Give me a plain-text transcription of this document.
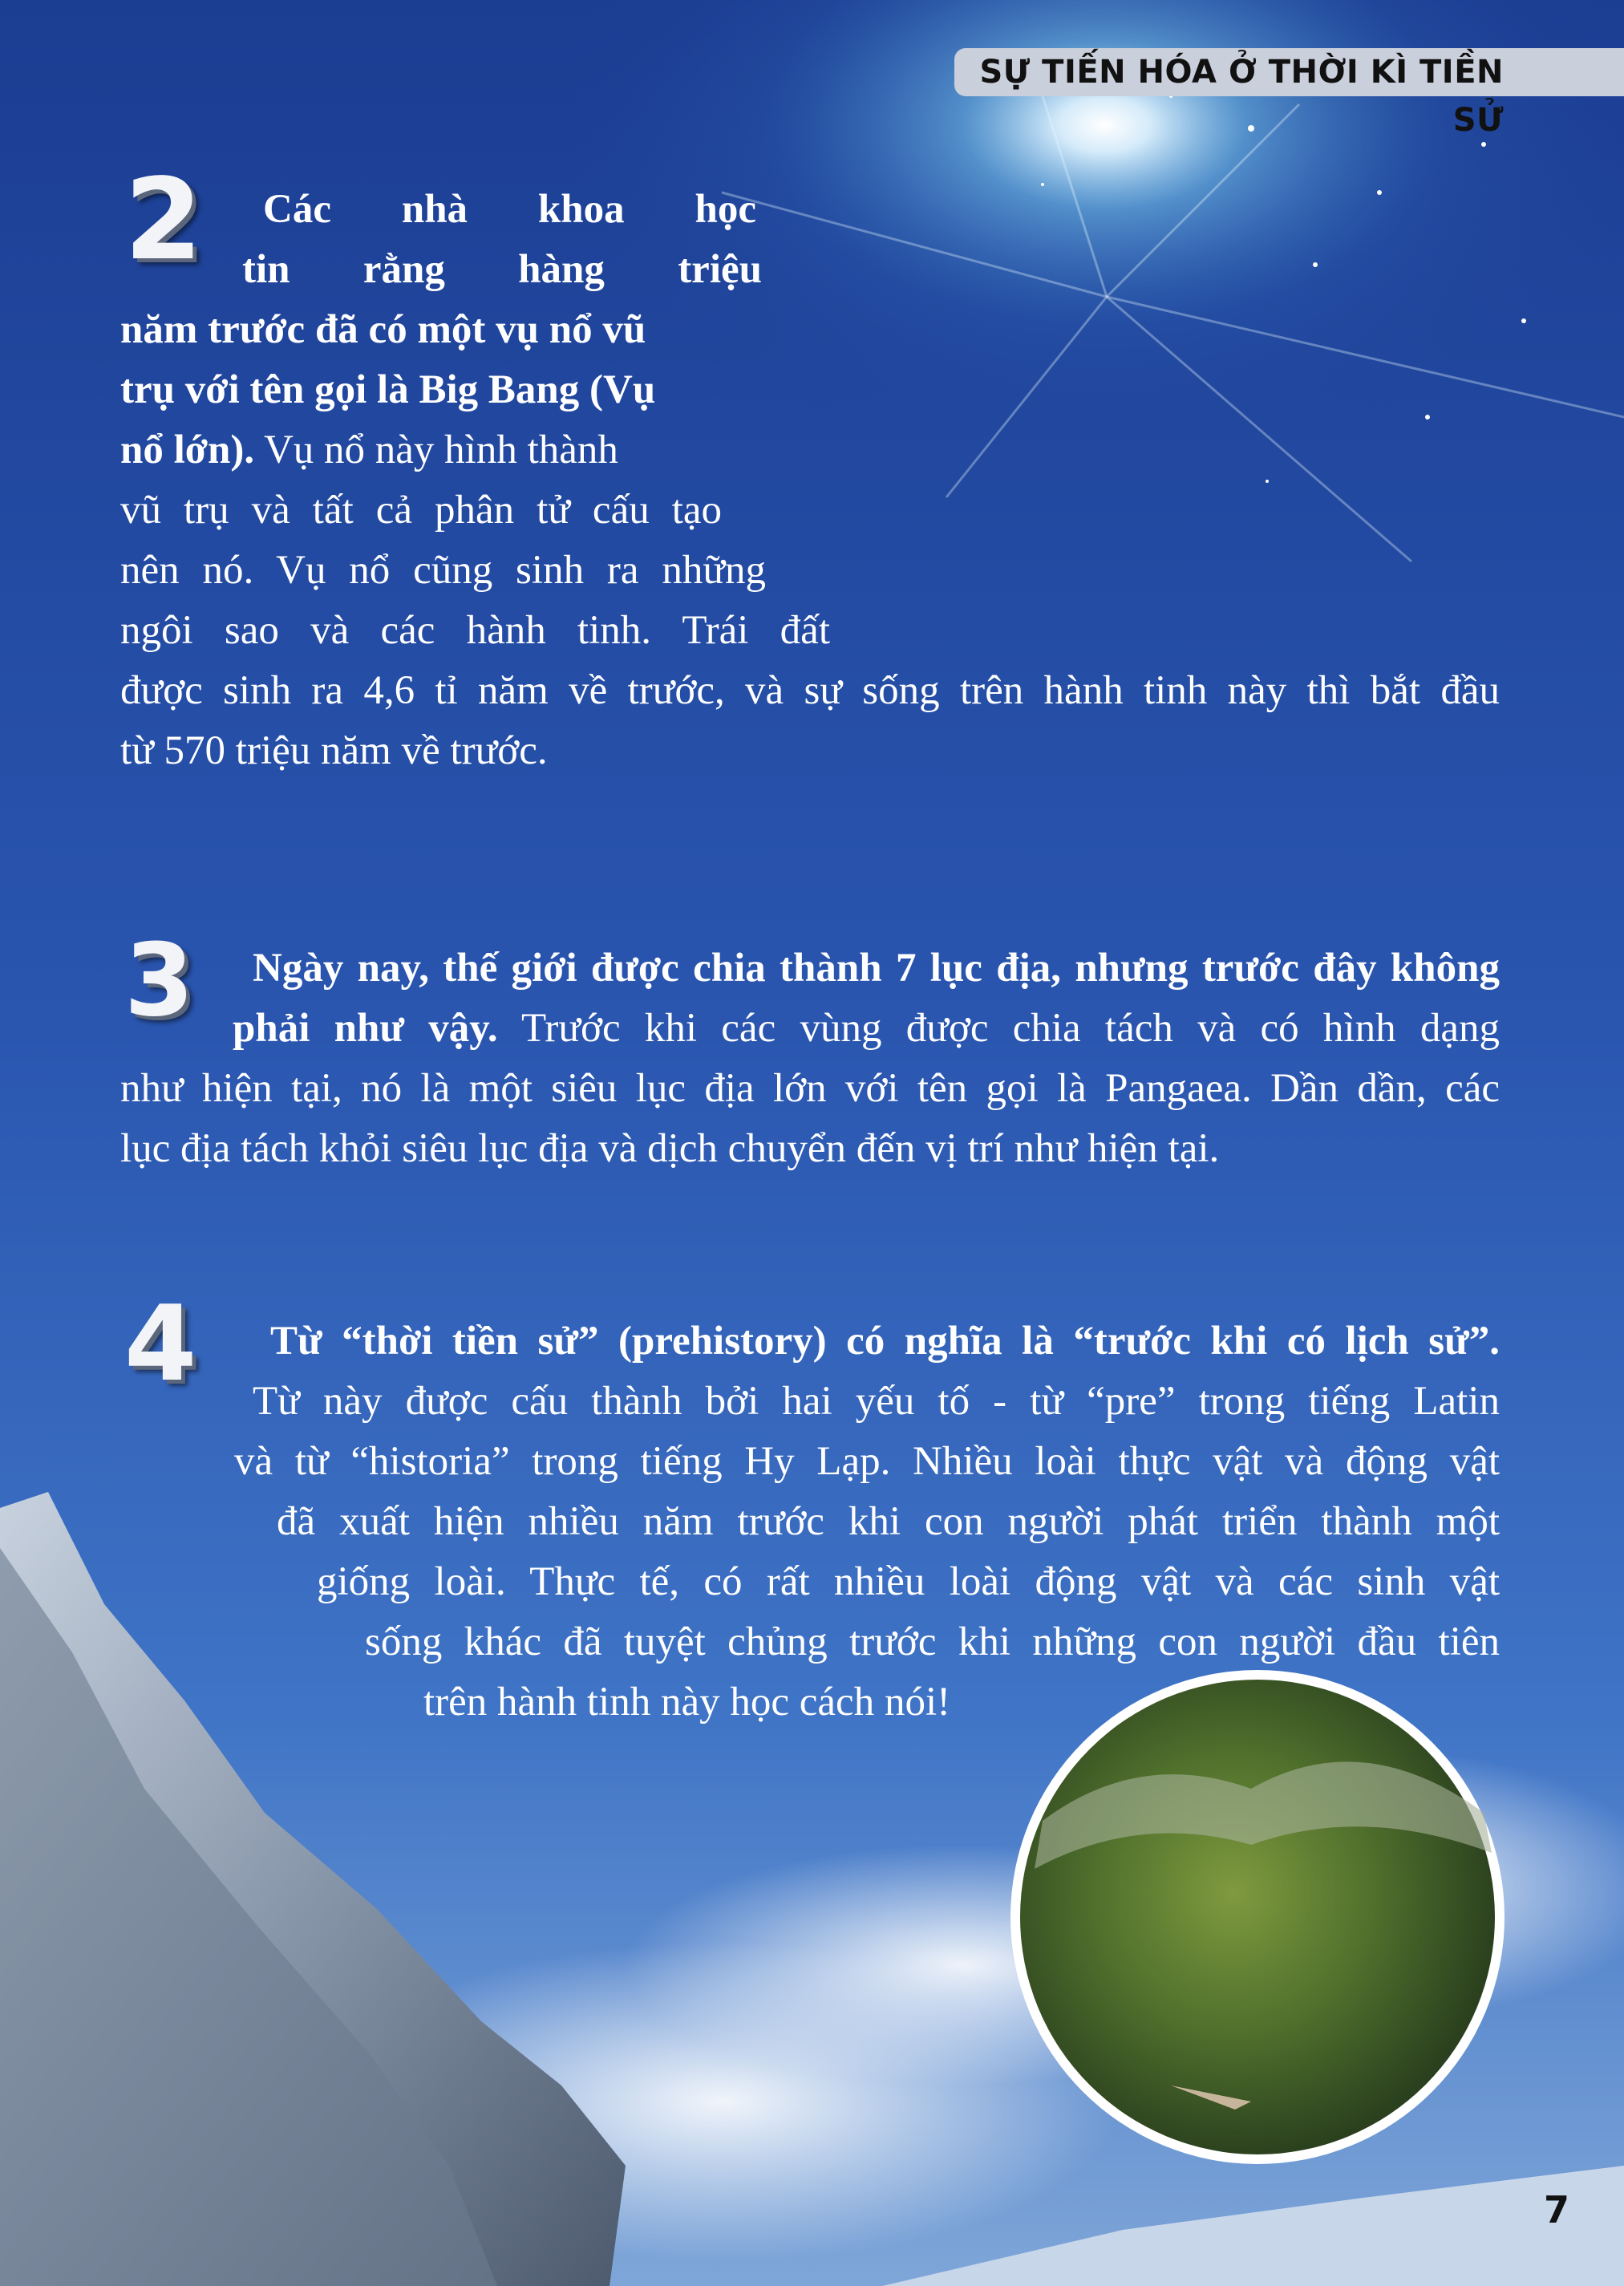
SỰ TIẾN HÓA Ở THỜI KÌ TIỀN SỬ
2 Các nhà khoa học
tin rằng hàng triệu
năm trước đã có một vụ nổ vũ
trụ với tên gọi là Big Bang (Vụ
nổ lớn). Vụ nổ này hình thành
vũ trụ và tất cả phân tử cấu tạo
nên nó. Vụ nổ cũng sinh ra những
ngôi sao và các hành tinh. Trái đất
được sinh ra 4,6 tỉ năm về trước, và sự sống trên hành tinh này thì bắt đầu
từ 570 triệu năm về trước.
3 Ngày nay, thế giới được chia thành 7 lục địa, nhưng trước đây không
phải như vậy. Trước khi các vùng được chia tách và có hình dạng
như hiện tại, nó là một siêu lục địa lớn với tên gọi là Pangaea. Dần dần, các
lục địa tách khỏi siêu lục địa và dịch chuyển đến vị trí như hiện tại.
4 Từ “thời tiền sử” (prehistory) có nghĩa là “trước khi có lịch sử”.
Từ này được cấu thành bởi hai yếu tố - từ “pre” trong tiếng Latin
và từ “historia” trong tiếng Hy Lạp. Nhiều loài thực vật và động vật
đã xuất hiện nhiều năm trước khi con người phát triển thành một
giống loài. Thực tế, có rất nhiều loài động vật và các sinh vật
sống khác đã tuyệt chủng trước khi những con người đầu tiên
trên hành tinh này học cách nói!
7
